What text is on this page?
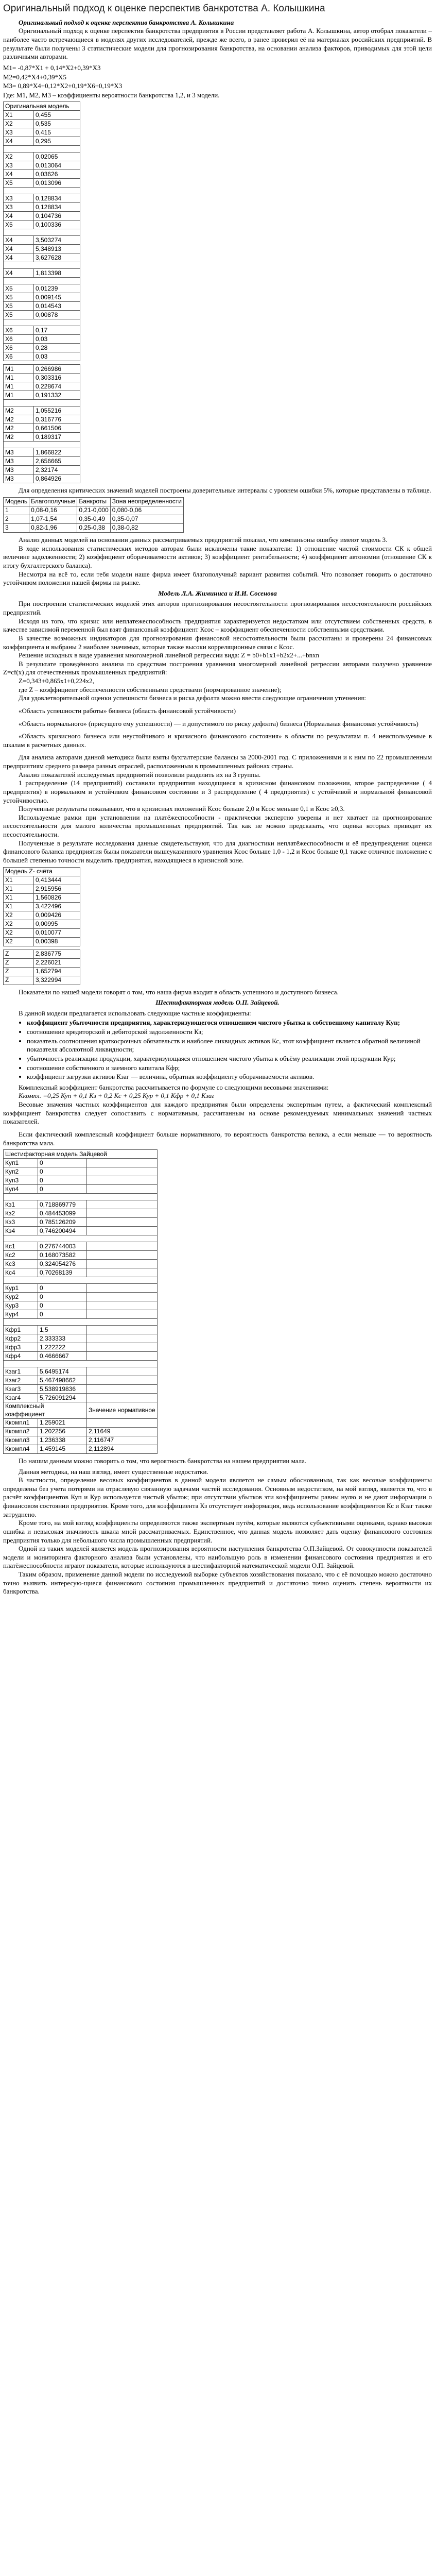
Оригинальный подход к оценке перспектив банкротства А. Колышкина

Оригинальный подход к оценке перспектив банкротства А. Колышкина

Оригинальный подход к оценке перспектив банкротства предприятия в России представляет работа А. Колышкина, автор отобрал показатели – наиболее часто встречающиеся в моделях других исследователей, прежде же всего, в ранее проверил её на материалах российских предприятий. В результате были получены 3 статистические модели для прогнозирования банкротства, на основании анализа факторов, приводимых для этой цели различными авторами.

M1= -0,87*X1 + 0,14*X2+0,39*X3

M2=0,42*X4+0,39*X5

M3= 0,89*X4+0,12*X2+0,19*X6+0,19*X3

Где: M1, M2, M3 – коэффициенты вероятности банкротства 1,2, и 3 модели.

Оригинальная модель	
Х1	0,455
Х2	0,535
Х3	0,415
Х4	0,295

Х2	0,02065
Х3	0,013064
Х4	0,03626
Х5	0,013096

Х3	0,128834
Х3	0,128834
Х4	0,104736
Х5	0,100336

Х4	3,503274
Х4	5,348913
Х4	3,627628

Х4	1,813398

Х5	0,01239
Х5	0,009145
Х5	0,014543
Х5	0,00878

Х6	0,17
Х6	0,03
Х6	0,28
Х6	0,03
М1	0,266986
М1	0,303316
М1	0,228674
М1	0,191332

М2	1,055216
М2	0,316776
М2	0,661506
М2	0,189317

М3	1,866822
М3	2,656665
М3	2,32174
М3	0,864926

Для определения критических значений моделей построены доверительные интервалы с уровнем ошибки 5%, которые представлены в таблице.

Модель	Благополучные	Банкроты	Зона неопределенности
1	0,08-0,16	0,21-0,000	0,080-0,06
2	1,07-1,54	0,35-0,49	0,35-0,07
3	0,82-1,96	0,25-0,38	0,38-0,82

Анализ данных моделей на основании данных рассматриваемых предприятий показал, что компаньоны ошибку имеют модель 3.

В ходе использования статистических методов авторам были исключены такие показатели: 1) отношение чистой стоимости СК к общей величине задолженности; 2) коэффициент оборачиваемости активов; 3) коэффициент рентабельности; 4) коэффициент автономии (отношение СК к итогу бухгалтерского баланса).

Несмотря на всё то, если тебя модели наше фирма имеет благополучный вариант развития событий. Что позволяет говорить о достаточно устойчивом положении нашей фирмы на рынке.

Модель Л.А. Жиминиса и И.И. Сосенова

При построении статистических моделей этих авторов прогнозирования несостоятельности прогнозирования несостоятельности российских предприятий.

Исходя из того, что кризис или неплатежеспособность предприятия характеризуется недостатком или отсутствием собственных средств, в качестве зависимой переменной был взят финансовый коэффициент Ксос – коэффициент обеспеченности собственными средствами.

В качестве возможных индикаторов для прогнозирования финансовой несостоятельности были рассчитаны и проверены 24 финансовых коэффициента и выбраны 2 наиболее значимых, которые также высоки корреляционные связи с Ксос.

Решение исходных в виде уравнения многомерной линейной регрессии вида: Z = b0+b1x1+b2x2+...+bnxn

В результате проведённого анализа по средствам построения уравнения многомерной линейной регрессии авторами получено уравнение Z=cf(x) для отечественных промышленных предприятий:

Z=0,343+0,865х1+0,224х2,

где Z – коэффициент обеспеченности собственными средствами (нормированное значение);

Для удовлетворительной оценки успешности бизнеса и риска дефолта можно ввести следующие ограничения уточнения:

«Область успешности работы» бизнеса (область финансовой устойчивости)

«Область нормального» (присущего ему успешности) — и допустимого по риску дефолта) бизнеса (Нормальная финансовая устойчивость)

«Область кризисного бизнеса или неустойчивого и кризисного финансового состояния» в области по результатам п. 4 неиспользуемые в шкалам в расчетных данных.

Для анализа авторами данной методики были взяты бухгалтерские балансы за 2000-2001 год. С приложениями и к ним по 22 промышленным предприятиям среднего размера разных отраслей, расположенным в промышленных районах страны.

Анализ показателей исследуемых предприятий позволили разделить их на 3 группы.

1 распределение (14 предприятий) составили предприятия находящиеся в кризисном финансовом положении, второе распределение ( 4 предприятия) в нормальном и устойчивом финансовом состоянии и 3 распределение ( 4 предприятия) с устойчивой и нормальной финансовой устойчивостью.

Полученные результаты показывают, что в кризисных положений Ксос больше 2,0 и Ксос меньше 0,1 и Ксос ≥0,3.

Используемые рамки при установлении на платёжеспособности - практически экспертно уверены и нет хватает на прогнозирование несостоятельности для малого количества промышленных предприятий. Так как не можно предсказать, что оценка которых приводит их несостоятельности.

Полученные в результате исследования данные свидетельствуют, что для диагностики неплатёжеспособности и её предупреждения оценки финансового баланса предприятия былы показатели вышеуказанного уравнения Ксос больше 1,0 - 1,2 и Ксос больше 0,1 также отличное положение с большей степенью точности выделить предприятия, находящиеся в кризисной зоне.

Модель Z- счёта	
X1	0,413444
X1	2,915956
X1	1,560826
X1	3,422496
X2	0,009426
X2	0,00995
X2	0,010077
X2	0,00398
Z	2,836775
Z	2,226021
Z	1,652794
Z	3,322994

Показатели по нашей модели говорят о том, что наша фирма входит в область успешного и доступного бизнеса.

Шестифакторная модель О.П. Зайцевой.

В данной модели предлагается использовать следующие частные коэффициенты:

• коэффициент убыточности предприятия, характеризующегося отношением чистого убытка к собственному капиталу Куп;
• соотношение кредиторской и дебиторской задолженности Кз;
• показатель соотношения краткосрочных обязательств и наиболее ликвидных активов Кс, этот коэффициент является обратной величиной показателя абсолютной ликвидности;
• убыточность реализации продукции, характеризующаяся отношением чистого убытка к объёму реализации этой продукции Кур;
• соотношение собственного и заемного капитала Кфр;
• коэффициент загрузки активов Кзаг — величина, обратная коэффициенту оборачиваемости активов.

Комплексный коэффициент банкротства рассчитывается по формуле со следующими весовыми значениями:

Ккомпл. =0,25 Куп + 0,1 Кз + 0,2 Кс + 0,25 Кур + 0,1 Кфр + 0,1 Кзаг

Весовые значения частных коэффициентов для каждого предприятия были определены экспертным путем, а фактический комплексный коэффициент банкротства следует сопоставить с нормативным, рассчитанным на основе рекомендуемых минимальных значений частных показателей.

Если фактический комплексный коэффициент больше нормативного, то вероятность банкротства велика, а если меньше — то вероятность банкротства мала.

Шестифакторная модель Зайцевой		
Куп1	0	
Куп2	0	
Куп3	0	
Куп4	0	

Кз1	0,718869779	
Кз2	0,484453099	
Кз3	0,785126209	
Кз4	0,746200494	

Кс1	0,276744003	
Кс2	0,168073582	
Кс3	0,324054276	
Кс4	0,70268139	

Кур1	0	
Кур2	0	
Кур3	0	
Кур4	0	

Кфр1	1,5	
Кфр2	2,333333	
Кфр3	1,222222	
Кфр4	0,4666667	

Кзаг1	5,6495174	
Кзаг2	5,467498662	
Кзаг3	5,538919836	
Кзаг4	5,726091294	
Комплексный коэффициент		Значение нормативное
Ккомпл1	1,259021	
Ккомпл2	1,202256	2,11649
Ккомпл3	1,236338	2,116747
Ккомпл4	1,459145	2,112894

По нашим данным можно говорить о том, что вероятность банкротства на нашем предприятии мала.

Данная методика, на наш взгляд, имеет существенные недостатки.

В частности, определение весовых коэффициентов в данной модели является не самым обоснованным, так как весовые коэффициенты определены без учета потерями на отраслевую связанную задачами частей исследования. Основным недостатком, на мой взгляд, является то, что в расчёт коэффициентов Куп и Кур используется чистый убыток; при отсутствии убытков эти коэффициенты равны нулю и не дают информации о финансовом состоянии предприятия. Кроме того, для коэффициента Кз отсутствует информация, ведь использование коэффициентов Кс и Кзаг также затруднено.

Кроме того, на мой взгляд коэффициенты определяются также экспертным путём, которые являются субъективными оценками, однако высокая ошибка и невысокая значимость шкала мной рассматриваемых. Единственное, что данная модель позволяет дать оценку финансового состояния предприятия только для небольшого числа промышленных предприятий.

Одной из таких моделей является модель прогнозирования вероятности наступления банкротства О.П.Зайцевой. От совокупности показателей модели и мониторинга факторного анализа были установлены, что наибольшую роль в изменении финансового состояния предприятия и его платёжеспособности играют показатели, которые используются в шестифакторной математической модели О.П. Зайцевой.

Таким образом, применение данной модели по исследуемой выборке субъектов хозяйствования показало, что с её помощью можно достаточно точно выявить интересую-щиеся финансового состояния промышленных предприятий и достаточно точно оценить степень вероятности их банкротства.
